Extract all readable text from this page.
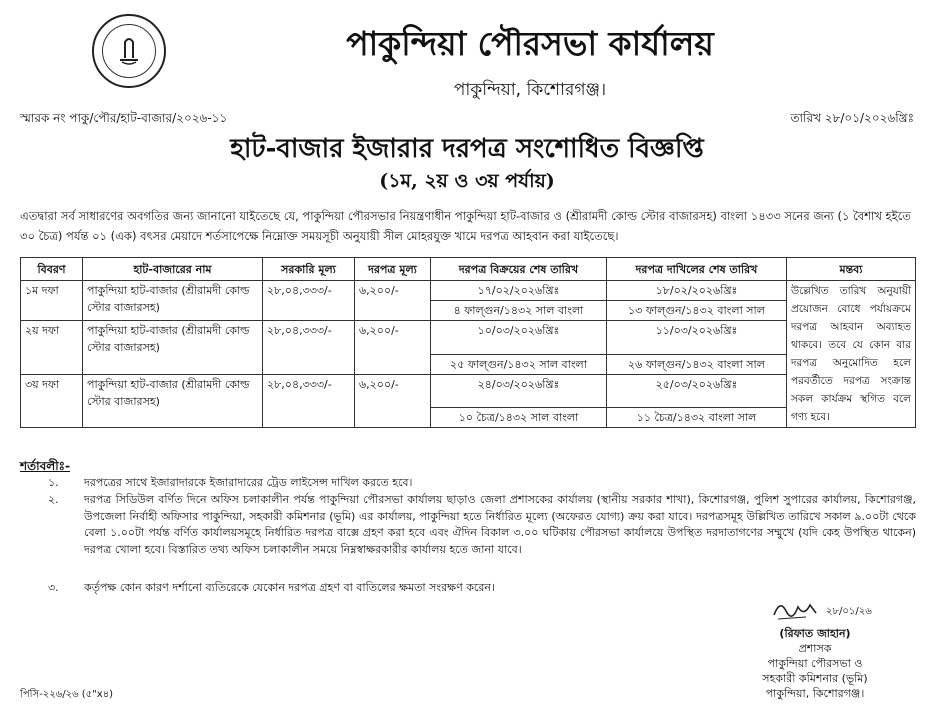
পাকুন্দিয়া পৌরসভা কার্যালয়
পাকুন্দিয়া, কিশোরগঞ্জ।
স্মারক নং পাকু/পৌর/হাট-বাজার/২০২৬-১১	তারিখ ২৮/০১/২০২৬খ্রিঃ
হাট-বাজার ইজারার দরপত্র সংশোধিত বিজ্ঞপ্তি
(১ম, ২য় ও ৩য় পর্যায়)
এতদ্বারা সর্ব সাধারণের অবগতির জন্য জানানো যাইতেছে যে, পাকুন্দিয়া পৌরসভার নিয়ন্ত্রণাধীন পাকুন্দিয়া হাট-বাজার ও (শ্রীরামদী কোল্ড স্টোর বাজারসহ) বাংলা ১৪৩৩ সনের জন্য (১ বৈশাখ হইতে ৩০ চৈত্র) পর্যন্ত ০১ (এক) বৎসর মেয়াদে শর্তসাপেক্ষে নিম্নোক্ত সময়সূচী অনুযায়ী সীল মোহরযুক্ত খামে দরপত্র আহবান করা যাইতেছে।
বিবরণ	হাট-বাজারের নাম	সরকারি মূল্য	দরপত্র মূল্য	দরপত্র বিক্রয়ের শেষ তারিখ	দরপত্র দাখিলের শেষ তারিখ	মন্তব্য
১ম দফা	পাকুন্দিয়া হাট-বাজার (শ্রীরামদী কোল্ড স্টোর বাজারসহ)	২৮,০৪,৩৩৩/-	৬,২০০/-	১৭/০২/২০২৬খ্রিঃ	১৮/০২/২০২৬খ্রিঃ	উল্লেখিত তারিখ অনুযায়ী প্রয়োজন বোধে পর্যায়ক্রমে দরপত্র আহবান অব্যাহত থাকবে। তবে যে কোন বার দরপত্র অনুমোদিত হলে পরবর্তীতে দরপত্র সংক্রান্ত সকল কার্যক্রম স্থগিত বলে গণ্য হবে।
				৪ ফাল্গুন/১৪৩২ সাল বাংলা	১৩ ফাল্গুন/১৪৩২ বাংলা সাল	
২য় দফা	পাকুন্দিয়া হাট-বাজার (শ্রীরামদী কোল্ড স্টোর বাজারসহ)	২৮,০৪,৩৩৩/-	৬,২০০/-	১০/০৩/২০২৬খ্রিঃ	১১/০৩/২০২৬খ্রিঃ	
				২৫ ফাল্গুন/১৪৩২ সাল বাংলা	২৬ ফাল্গুন/১৪৩২ বাংলা সাল	
৩য় দফা	পাকুন্দিয়া হাট-বাজার (শ্রীরামদী কোল্ড স্টোর বাজারসহ)	২৮,০৪,৩৩৩/-	৬,২০০/-	২৪/০৩/২০২৬খ্রিঃ	২৫/০৩/২০২৬খ্রিঃ	
				১০ চৈত্র/১৪৩২ সাল বাংলা	১১ চৈত্র/১৪৩২ বাংলা সাল	
শর্তাবলীঃ-
১. দরপত্রের সাথে ইজারাদারকে ইজারাদারের ট্রেড লাইসেন্স দাখিল করতে হবে।
২. দরপত্র সিডিউল বর্ণিত দিনে অফিস চলাকালীন পর্যন্ত পাকুন্দিয়া পৌরসভা কার্যালয় ছাড়াও জেলা প্রশাসকের কার্যালয় (স্থানীয় সরকার শাখা), কিশোরগঞ্জ, পুলিশ সুপারের কার্যালয়, কিশোরগঞ্জ, উপজেলা নির্বাহী অফিসার পাকুন্দিয়া, সহকারী কমিশনার (ভূমি) এর কার্যালয়, পাকুন্দিয়া হতে নির্ধারিত মূল্যে (অফেরত যোগ্য) ক্রয় করা যাবে। দরপত্রসমূহ উল্লিখিত তারিখে সকাল ৯.০০টা থেকে বেলা ১.০০টা পর্যন্ত বর্ণিত কার্যালয়সমূহে নির্ধারিত দরপত্র বাক্সে গ্রহণ করা হবে এবং ঐদিন বিকাল ৩.০০ ঘটিকায় পৌরসভা কার্যালয়ে উপস্থিত দরদাতাগণের সম্মুখে (যদি কেহ উপস্থিত থাকেন) দরপত্র খোলা হবে। বিস্তারিত তথ্য অফিস চলাকালীন সময়ে নিম্নস্বাক্ষরকারীর কার্যালয় হতে জানা যাবে।
৩. কর্তৃপক্ষ কোন কারণ দর্শানো ব্যতিরেকে যেকোন দরপত্র গ্রহণ বা বাতিলের ক্ষমতা সংরক্ষণ করেন।
২৮/০১/২৬
(রিফাত জাহান)
প্রশাসক
পাকুন্দিয়া পৌরসভা ও
সহকারী কমিশনার (ভূমি)
পাকুন্দিয়া, কিশোরগঞ্জ।
পিসি-২২৬/২৬ (৫"x৪)
